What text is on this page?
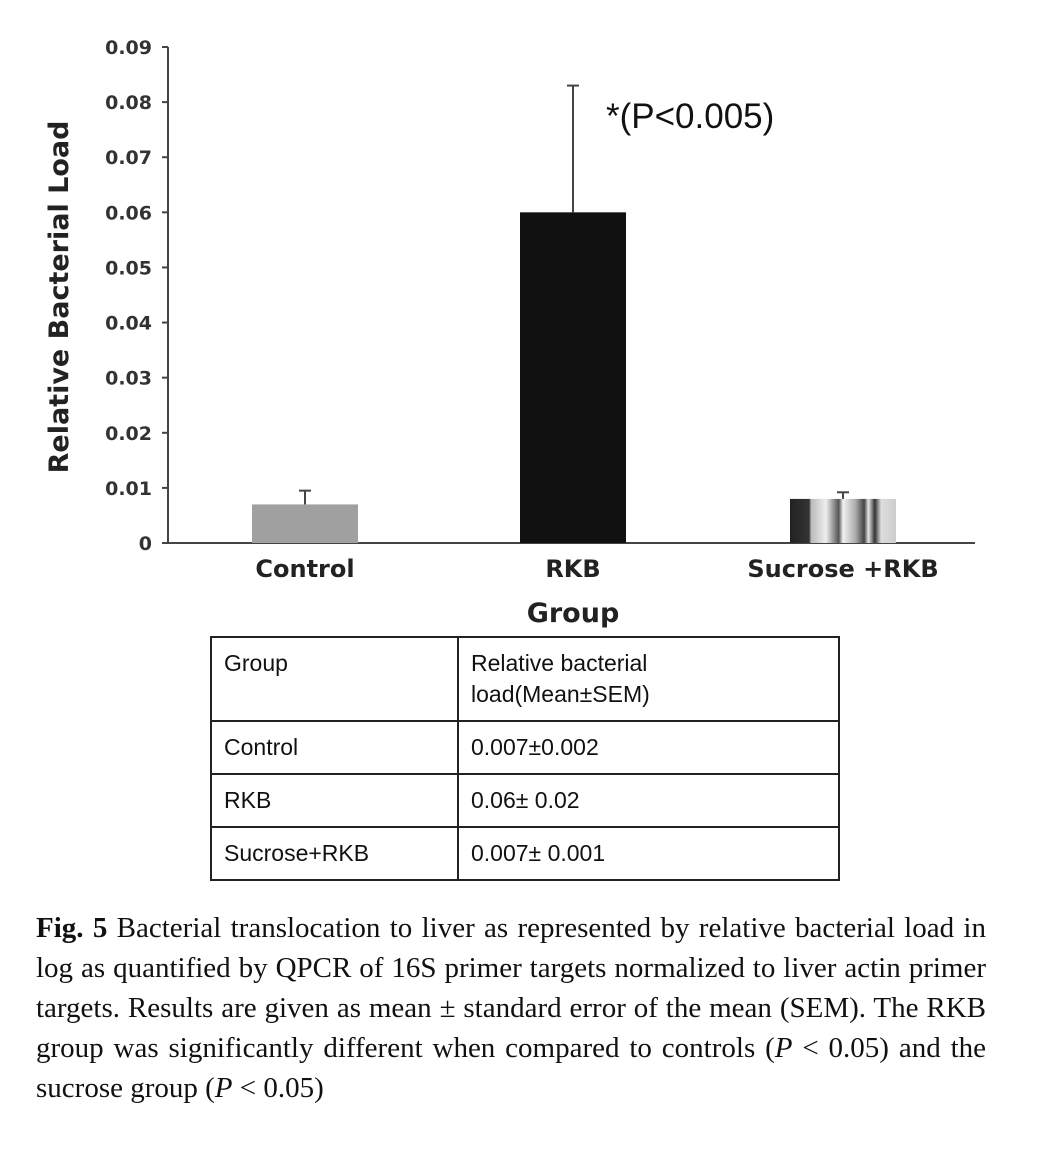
0
0.01
0.02
0.03
0.04
0.05
0.06
0.07
0.08
0.09
Control	RKB	Sucrose +RKB
Relative Bacterial Load
Group
*(P<0.005)
Group	Relative bacterial load(Mean±SEM)
Control	0.007±0.002
RKB	0.06± 0.02
Sucrose+RKB	0.007± 0.001
Fig. 5 Bacterial translocation to liver as represented by relative bacterial load in log as quantified by QPCR of 16S primer targets normalized to liver actin primer targets. Results are given as mean ± standard error of the mean (SEM). The RKB group was significantly different when compared to controls (P < 0.05) and the sucrose group (P < 0.05)
